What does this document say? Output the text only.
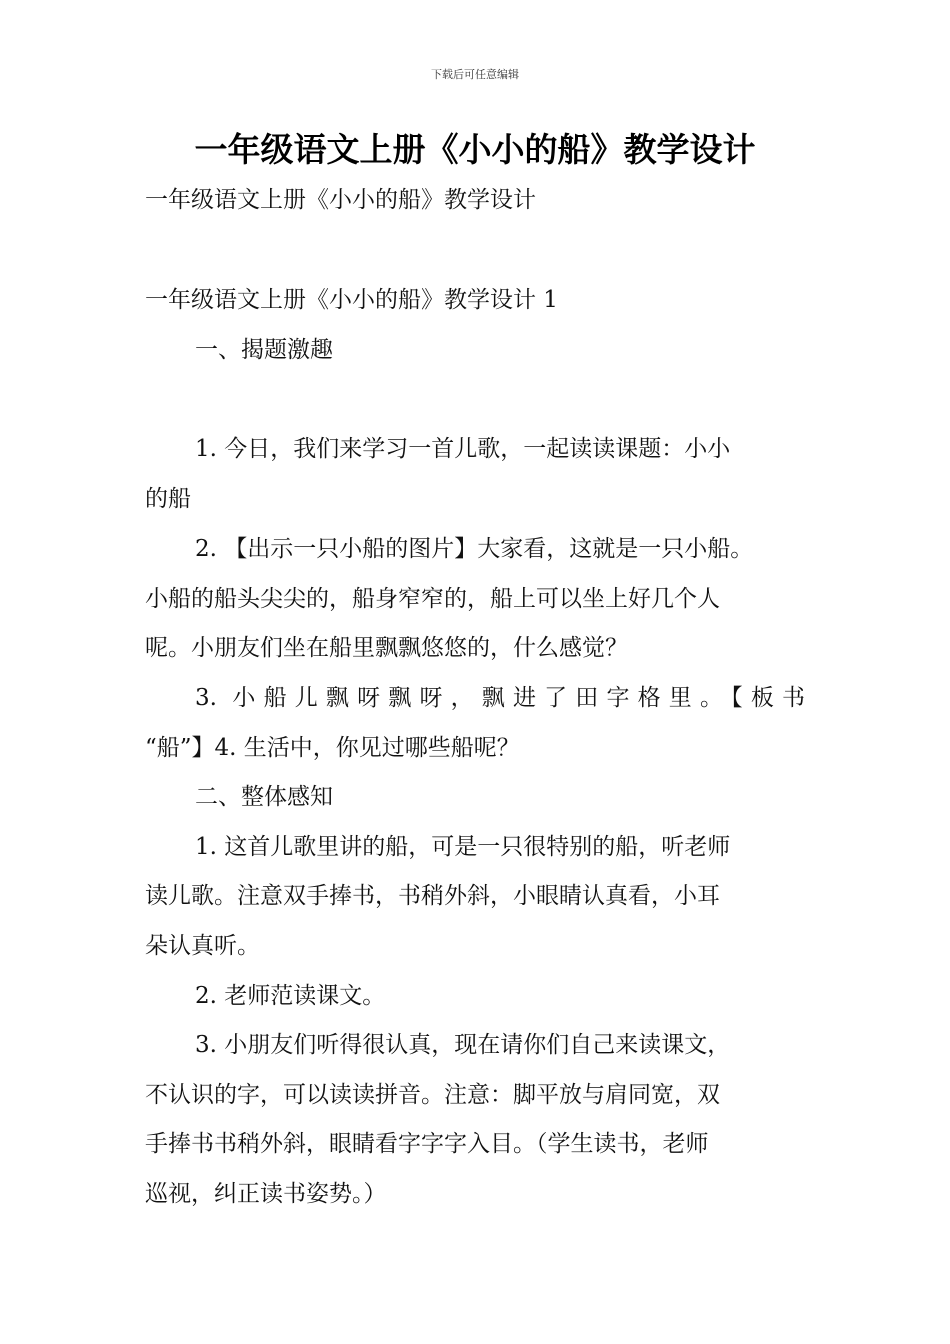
下载后可任意编辑
一年级语文上册《小小的船》教学设计
一年级语文上册《小小的船》教学设计
一年级语文上册《小小的船》教学设计 1
一、揭题激趣
1. 今日，我们来学习一首儿歌，一起读读课题：小小
的船
2. 【出示一只小船的图片】大家看，这就是一只小船。
小船的船头尖尖的，船身窄窄的，船上可以坐上好几个人
呢。小朋友们坐在船里飘飘悠悠的，什么感觉？
3. 小船儿飘呀飘呀，飘进了田字格里。【板书
“船”】4. 生活中，你见过哪些船呢？
二、整体感知
1. 这首儿歌里讲的船，可是一只很特别的船，听老师
读儿歌。注意双手捧书，书稍外斜，小眼睛认真看，小耳
朵认真听。
2. 老师范读课文。
3. 小朋友们听得很认真，现在请你们自己来读课文，
不认识的字，可以读读拼音。注意：脚平放与肩同宽，双
手捧书书稍外斜，眼睛看字字字入目。（学生读书，老师
巡视，纠正读书姿势。）
